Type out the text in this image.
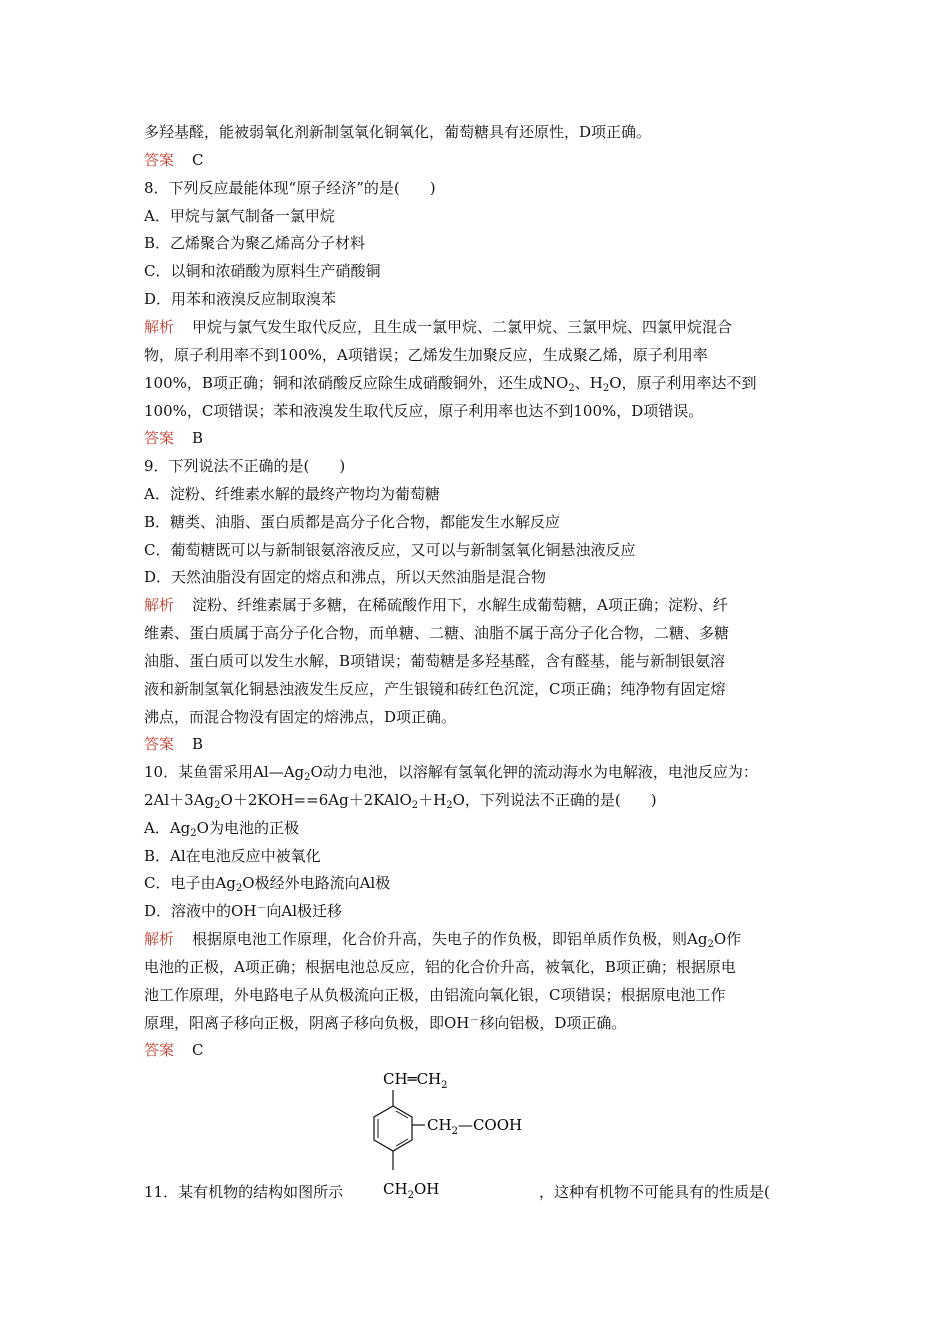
多羟基醛，能被弱氧化剂新制氢氧化铜氧化，葡萄糖具有还原性，D项正确。
答案 C
8．下列反应最能体现“原子经济”的是(　　)
A．甲烷与氯气制备一氯甲烷
B．乙烯聚合为聚乙烯高分子材料
C．以铜和浓硝酸为原料生产硝酸铜
D．用苯和液溴反应制取溴苯
解析 甲烷与氯气发生取代反应，且生成一氯甲烷、二氯甲烷、三氯甲烷、四氯甲烷混合
物，原子利用率不到100%，A项错误；乙烯发生加聚反应，生成聚乙烯，原子利用率
100%，B项正确；铜和浓硝酸反应除生成硝酸铜外，还生成$NO_2$、$H_2O$，原子利用率达不到
100%，C项错误；苯和液溴发生取代反应，原子利用率也达不到100%，D项错误。
答案 B
9．下列说法不正确的是(　　)
A．淀粉、纤维素水解的最终产物均为葡萄糖
B．糖类、油脂、蛋白质都是高分子化合物，都能发生水解反应
C．葡萄糖既可以与新制银氨溶液反应，又可以与新制氢氧化铜悬浊液反应
D．天然油脂没有固定的熔点和沸点，所以天然油脂是混合物
解析 淀粉、纤维素属于多糖，在稀硫酸作用下，水解生成葡萄糖，A项正确；淀粉、纤
维素、蛋白质属于高分子化合物，而单糖、二糖、油脂不属于高分子化合物，二糖、多糖
油脂、蛋白质可以发生水解，B项错误；葡萄糖是多羟基醛，含有醛基，能与新制银氨溶
液和新制氢氧化铜悬浊液发生反应，产生银镜和砖红色沉淀，C项正确；纯净物有固定熔
沸点，而混合物没有固定的熔沸点，D项正确。
答案 B
10．某鱼雷采用$Al—Ag_2O$动力电池，以溶解有氢氧化钾的流动海水为电解液，电池反应为：
$2Al+3Ag_2O+2KOH==6Ag+2KAlO_2+H_2O$，下列说法不正确的是(　　)
A．$Ag_2O$为电池的正极
B．Al在电池反应中被氧化
C．电子由$Ag_2O$极经外电路流向Al极
D．溶液中的OH－向Al极迁移
解析 根据原电池工作原理，化合价升高，失电子的作负极，即铝单质作负极，则$Ag_2O$作
电池的正极，A项正确；根据电池总反应，铝的化合价升高，被氧化，B项正确；根据原电
池工作原理，外电路电子从负极流向正极，由铝流向氧化银，C项错误；根据原电池工作
原理，阳离子移向正极，阴离子移向负极，即OH－移向铝极，D项正确。
答案 C
11．某有机物的结构如图所示	，这种有机物不可能具有的性质是(
$CH═CH_2$
$CH_2—COOH$
$CH_2OH$
